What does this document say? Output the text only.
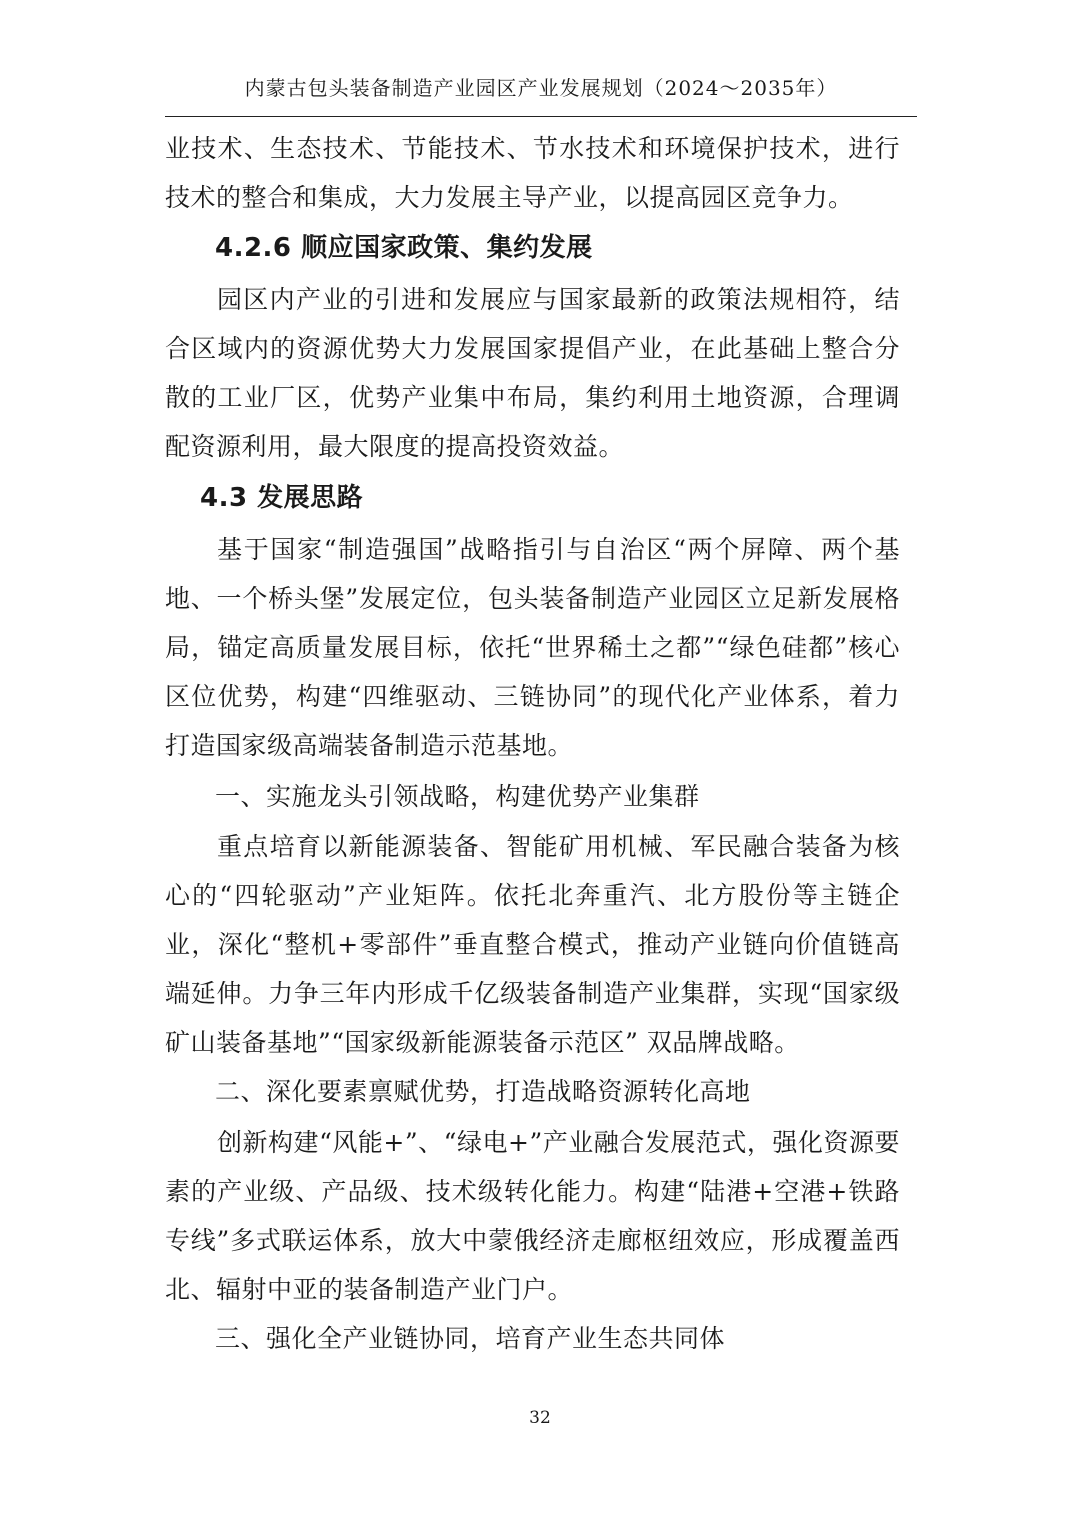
内蒙古包头装备制造产业园区产业发展规划（2024～2035年）
业技术、生态技术、节能技术、节水技术和环境保护技术，进行技术的整合和集成，大力发展主导产业，以提高园区竞争力。
4.2.6 顺应国家政策、集约发展
园区内产业的引进和发展应与国家最新的政策法规相符，结合区域内的资源优势大力发展国家提倡产业，在此基础上整合分散的工业厂区，优势产业集中布局，集约利用土地资源，合理调配资源利用，最大限度的提高投资效益。
4.3 发展思路
基于国家“制造强国”战略指引与自治区“两个屏障、两个基地、一个桥头堡”发展定位，包头装备制造产业园区立足新发展格局，锚定高质量发展目标，依托“世界稀土之都”“绿色硅都”核心区位优势，构建“四维驱动、三链协同”的现代化产业体系，着力打造国家级高端装备制造示范基地。
一、实施龙头引领战略，构建优势产业集群
重点培育以新能源装备、智能矿用机械、军民融合装备为核心的“四轮驱动”产业矩阵。依托北奔重汽、北方股份等主链企业，深化“整机+零部件”垂直整合模式，推动产业链向价值链高端延伸。力争三年内形成千亿级装备制造产业集群，实现“国家级矿山装备基地”“国家级新能源装备示范区” 双品牌战略。
二、深化要素禀赋优势，打造战略资源转化高地
创新构建“风能+”、“绿电+”产业融合发展范式，强化资源要素的产业级、产品级、技术级转化能力。构建“陆港+空港+铁路专线”多式联运体系，放大中蒙俄经济走廊枢纽效应，形成覆盖西北、辐射中亚的装备制造产业门户。
三、强化全产业链协同，培育产业生态共同体
32
